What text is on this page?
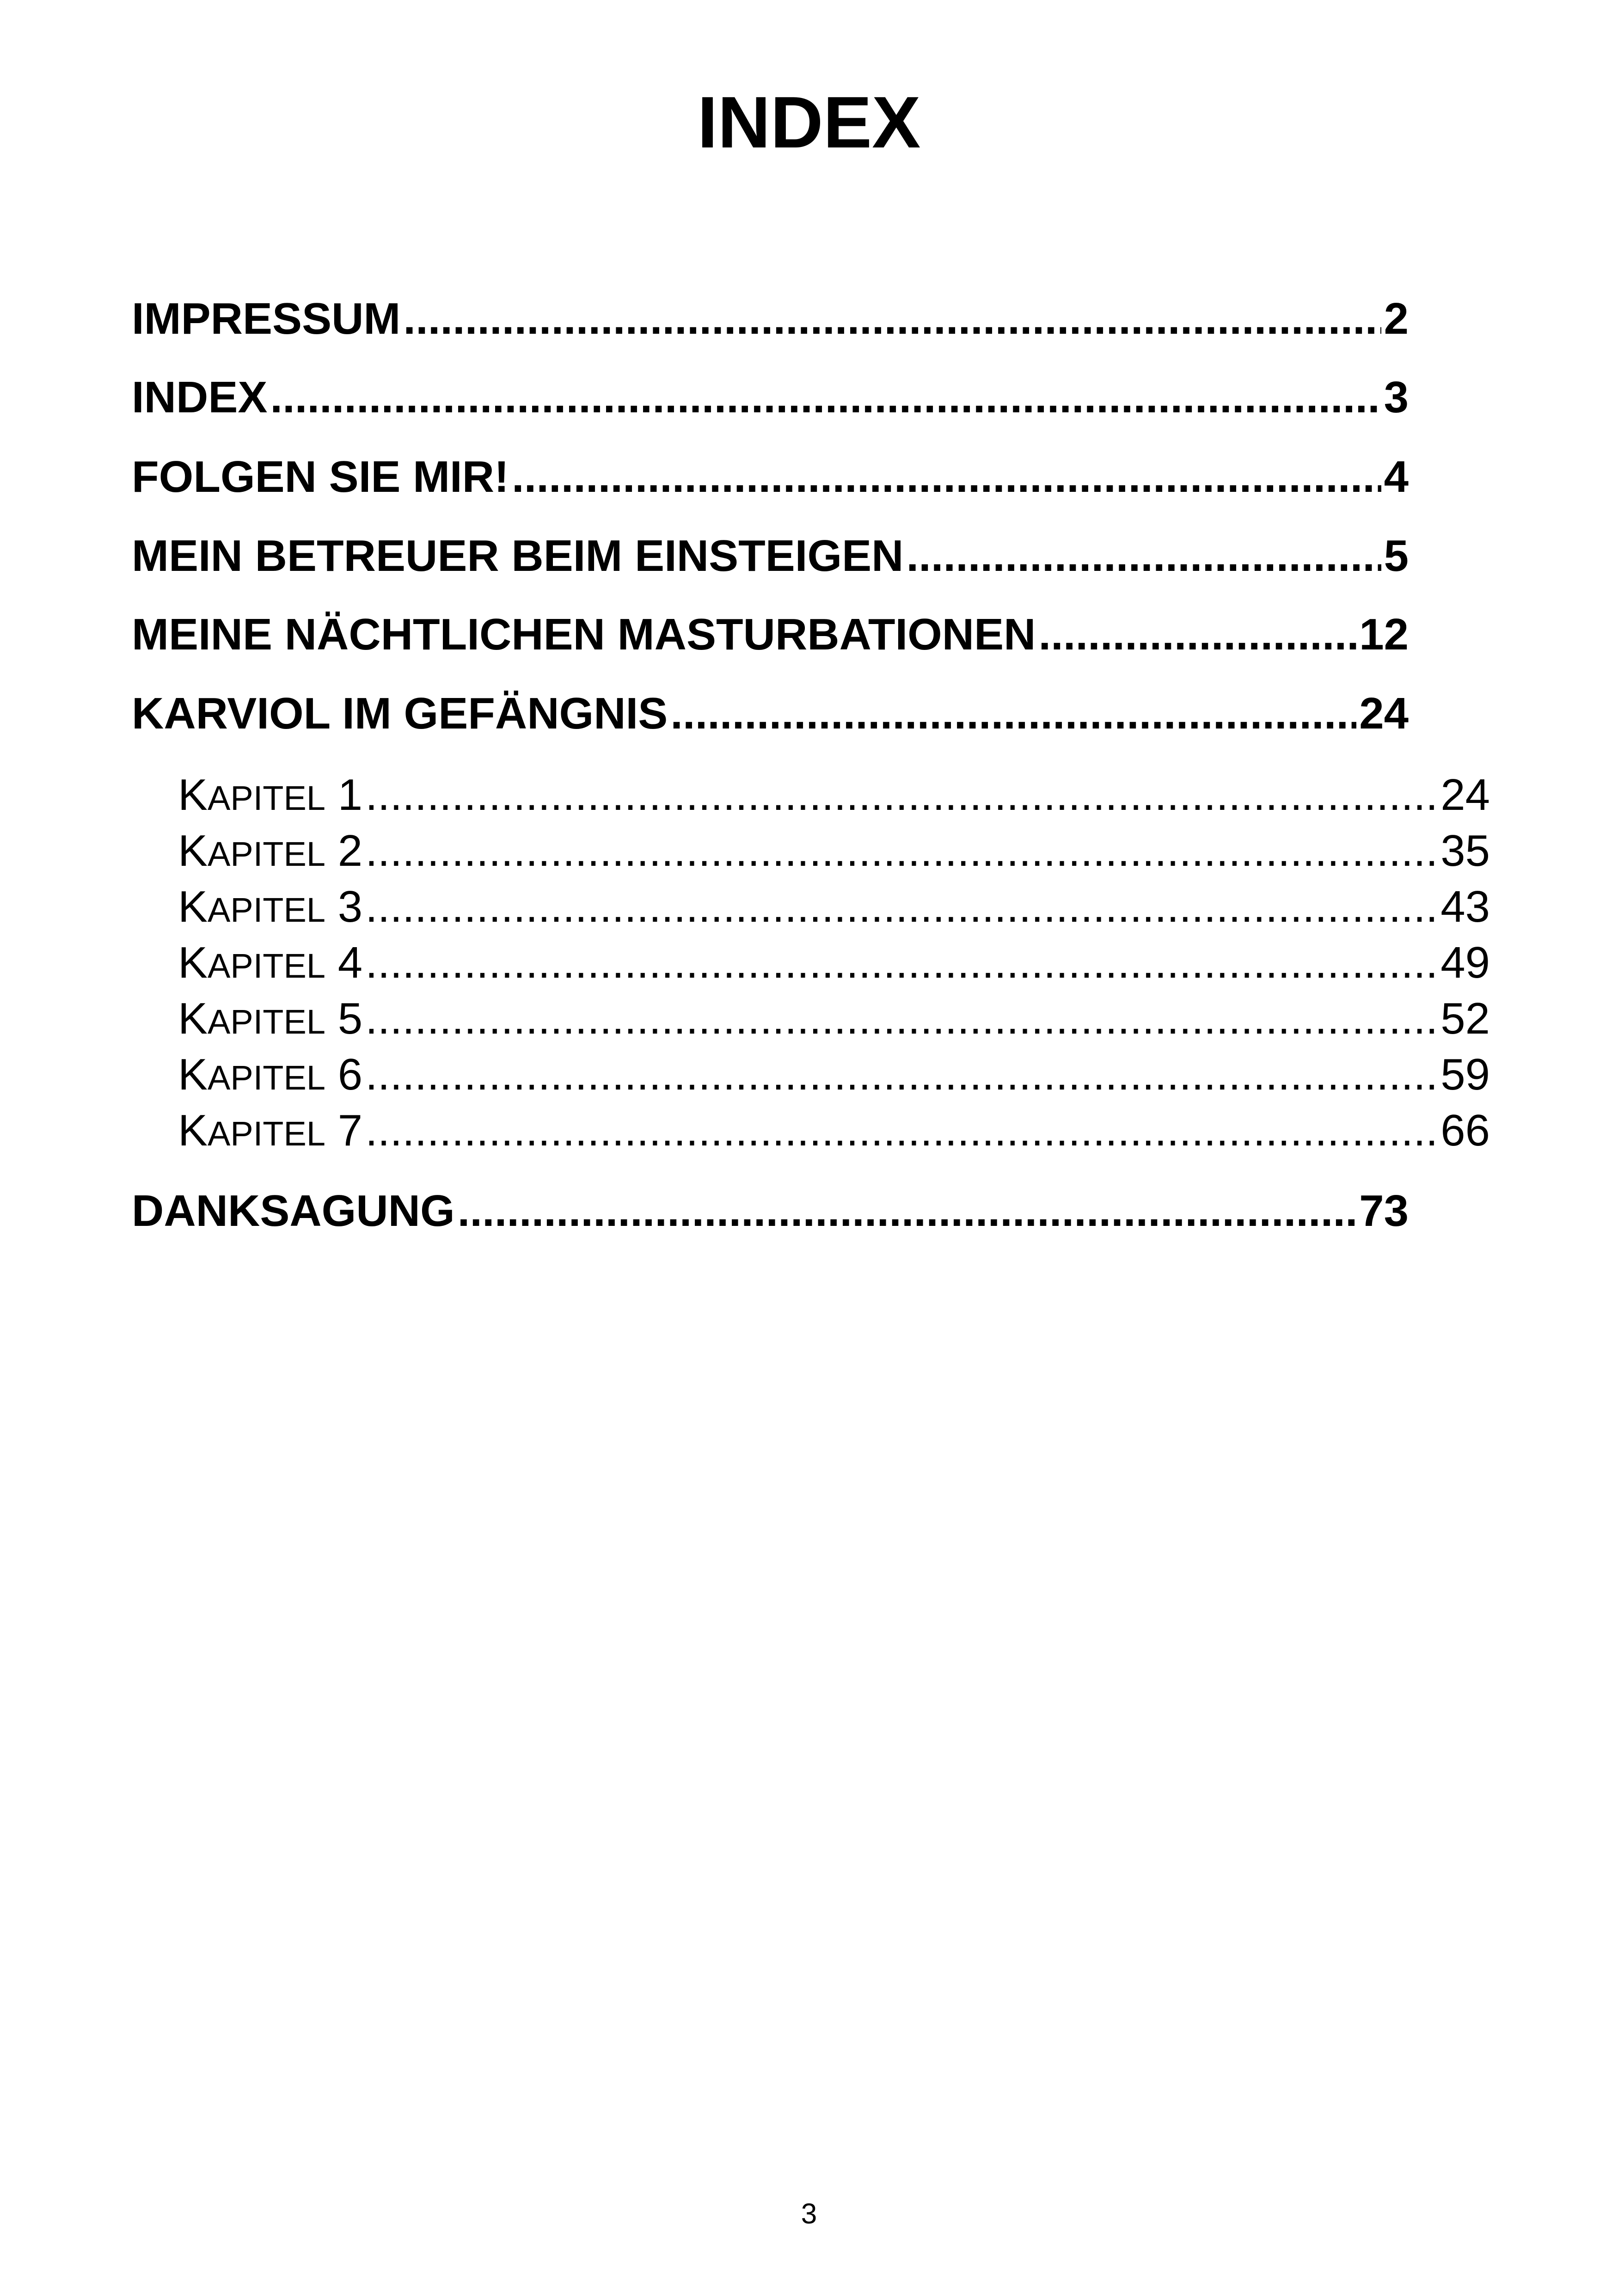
INDEX
IMPRESSUM .....	2
INDEX .....	3
FOLGEN SIE MIR! .....	4
MEIN BETREUER BEIM EINSTEIGEN .....	5
MEINE NÄCHTLICHEN MASTURBATIONEN .....	12
KARVIOL IM GEFÄNGNIS .....	24
KAPITEL 1 .....	24
KAPITEL 2 .....	35
KAPITEL 3 .....	43
KAPITEL 4 .....	49
KAPITEL 5 .....	52
KAPITEL 6 .....	59
KAPITEL 7 .....	66
DANKSAGUNG .....	73
3
